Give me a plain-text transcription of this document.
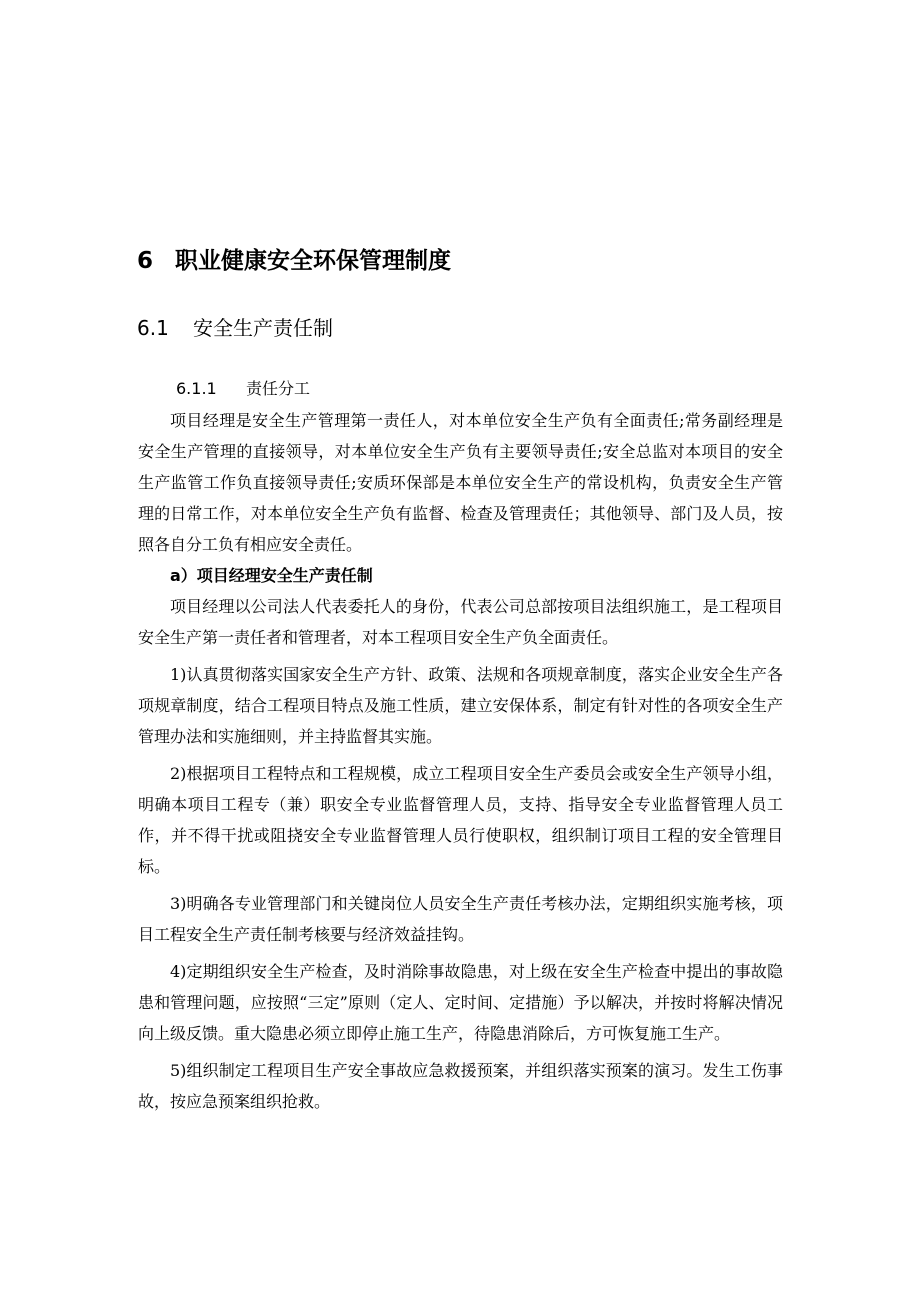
6 职业健康安全环保管理制度
6.1 安全生产责任制
6.1.1 责任分工

项目经理是安全生产管理第一责任人，对本单位安全生产负有全面责任;常务副经理是安全生产管理的直接领导，对本单位安全生产负有主要领导责任;安全总监对本项目的安全生产监管工作负直接领导责任;安质环保部是本单位安全生产的常设机构，负责安全生产管理的日常工作，对本单位安全生产负有监督、检查及管理责任；其他领导、部门及人员，按照各自分工负有相应安全责任。

a）项目经理安全生产责任制

项目经理以公司法人代表委托人的身份，代表公司总部按项目法组织施工，是工程项目安全生产第一责任者和管理者，对本工程项目安全生产负全面责任。

1)认真贯彻落实国家安全生产方针、政策、法规和各项规章制度，落实企业安全生产各项规章制度，结合工程项目特点及施工性质，建立安保体系，制定有针对性的各项安全生产管理办法和实施细则，并主持监督其实施。

2)根据项目工程特点和工程规模，成立工程项目安全生产委员会或安全生产领导小组，明确本项目工程专（兼）职安全专业监督管理人员，支持、指导安全专业监督管理人员工作，并不得干扰或阻挠安全专业监督管理人员行使职权，组织制订项目工程的安全管理目标。

3)明确各专业管理部门和关键岗位人员安全生产责任考核办法，定期组织实施考核，项目工程安全生产责任制考核要与经济效益挂钩。

4)定期组织安全生产检查，及时消除事故隐患，对上级在安全生产检查中提出的事故隐患和管理问题，应按照“三定”原则（定人、定时间、定措施）予以解决，并按时将解决情况向上级反馈。重大隐患必须立即停止施工生产，待隐患消除后，方可恢复施工生产。

5)组织制定工程项目生产安全事故应急救援预案，并组织落实预案的演习。发生工伤事故，按应急预案组织抢救。
